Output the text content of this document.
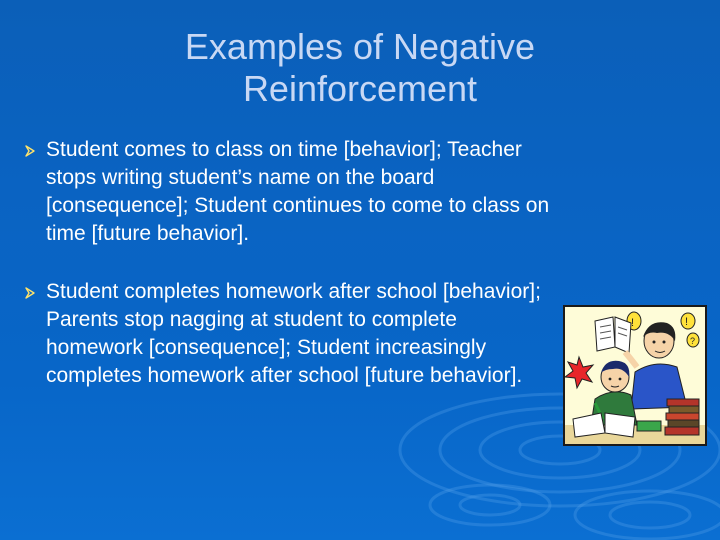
Examples of Negative Reinforcement
Student comes to class on time [behavior]; Teacher stops writing student’s name on the board [consequence]; Student continues to come to class on time [future behavior].
Student completes homework after school [behavior]; Parents stop nagging at student to complete homework [consequence]; Student increasingly completes homework after school [future behavior].
!	!
?
